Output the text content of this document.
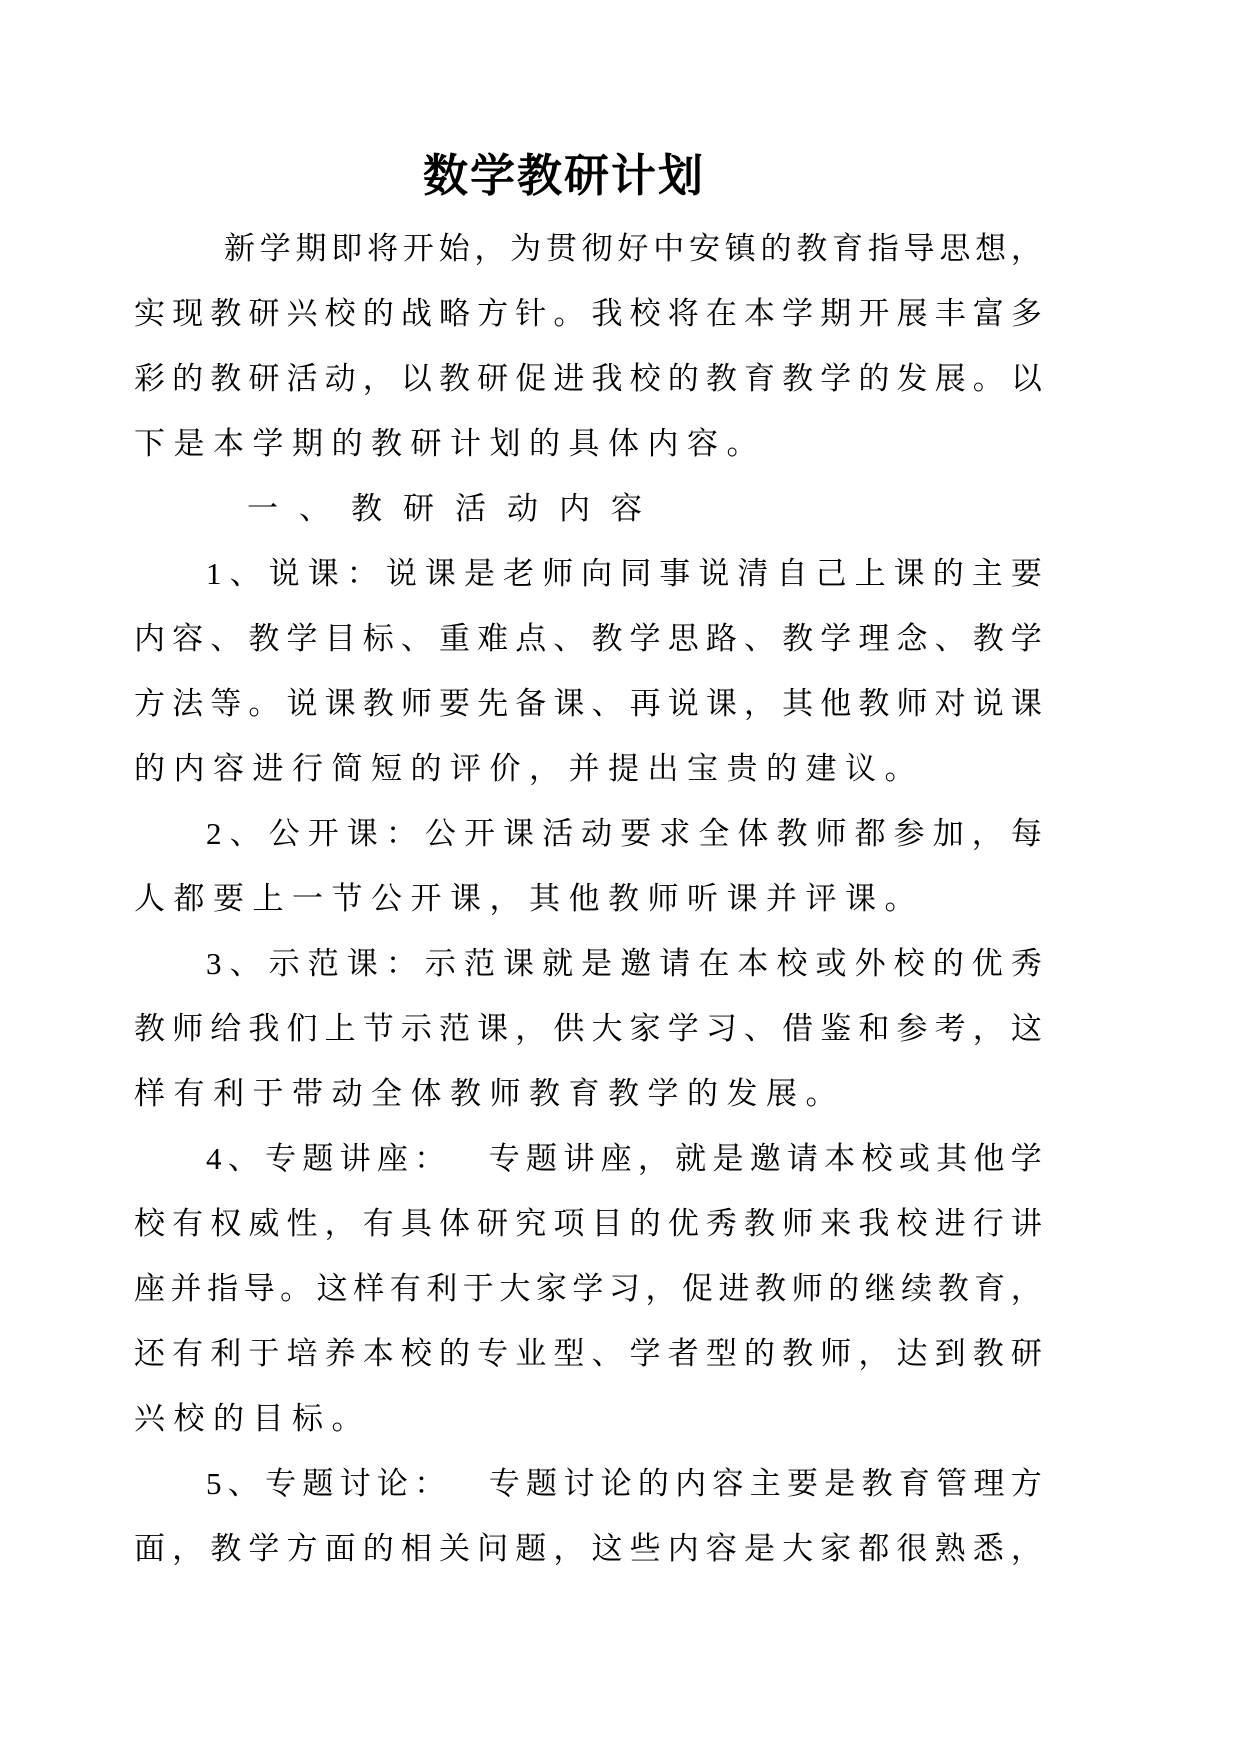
数学教研计划
新 学 期 即 将 开 始 ， 为 贯 彻 好 中 安 镇 的 教 育 指 导 思 想 ，
实 现 教 研 兴 校 的 战 略 方 针 。 我 校 将 在 本 学 期 开 展 丰 富 多
彩 的 教 研 活 动 ， 以 教 研 促 进 我 校 的 教 育 教 学 的 发 展 。 以
下是本学期的教研计划的具体内容。
一、教研活动内容
1 、 说 课 ： 说 课 是 老 师 向 同 事 说 清 自 己 上 课 的 主 要
内 容 、 教 学 目 标 、 重 难 点 、 教 学 思 路 、 教 学 理 念 、 教 学
方 法 等 。 说 课 教 师 要 先 备 课 、 再 说 课 ， 其 他 教 师 对 说 课
的内容进行简短的评价，并提出宝贵的建议。
2 、 公 开 课 ： 公 开 课 活 动 要 求 全 体 教 师 都 参 加 ， 每
人都要上一节公开课，其他教师听课并评课。
3 、 示 范 课 ： 示 范 课 就 是 邀 请 在 本 校 或 外 校 的 优 秀
教 师 给 我 们 上 节 示 范 课 ， 供 大 家 学 习 、 借 鉴 和 参 考 ， 这
样有利于带动全体教师教育教学的发展。
4 、 专 题 讲 座 ：
　 专 题 讲 座 ， 就 是 邀 请 本 校 或 其 他 学
校 有 权 威 性 ， 有 具 体 研 究 项 目 的 优 秀 教 师 来 我 校 进 行 讲
座 并 指 导 。 这 样 有 利 于 大 家 学 习 ， 促 进 教 师 的 继 续 教 育 ，
还 有 利 于 培 养 本 校 的 专 业 型 、 学 者 型 的 教 师 ， 达 到 教 研
兴校的目标。
5 、 专 题 讨 论 ：
　 专 题 讨 论 的 内 容 主 要 是 教 育 管 理 方
面 ， 教 学 方 面 的 相 关 问 题 ， 这 些 内 容 是 大 家 都 很 熟 悉 ，
